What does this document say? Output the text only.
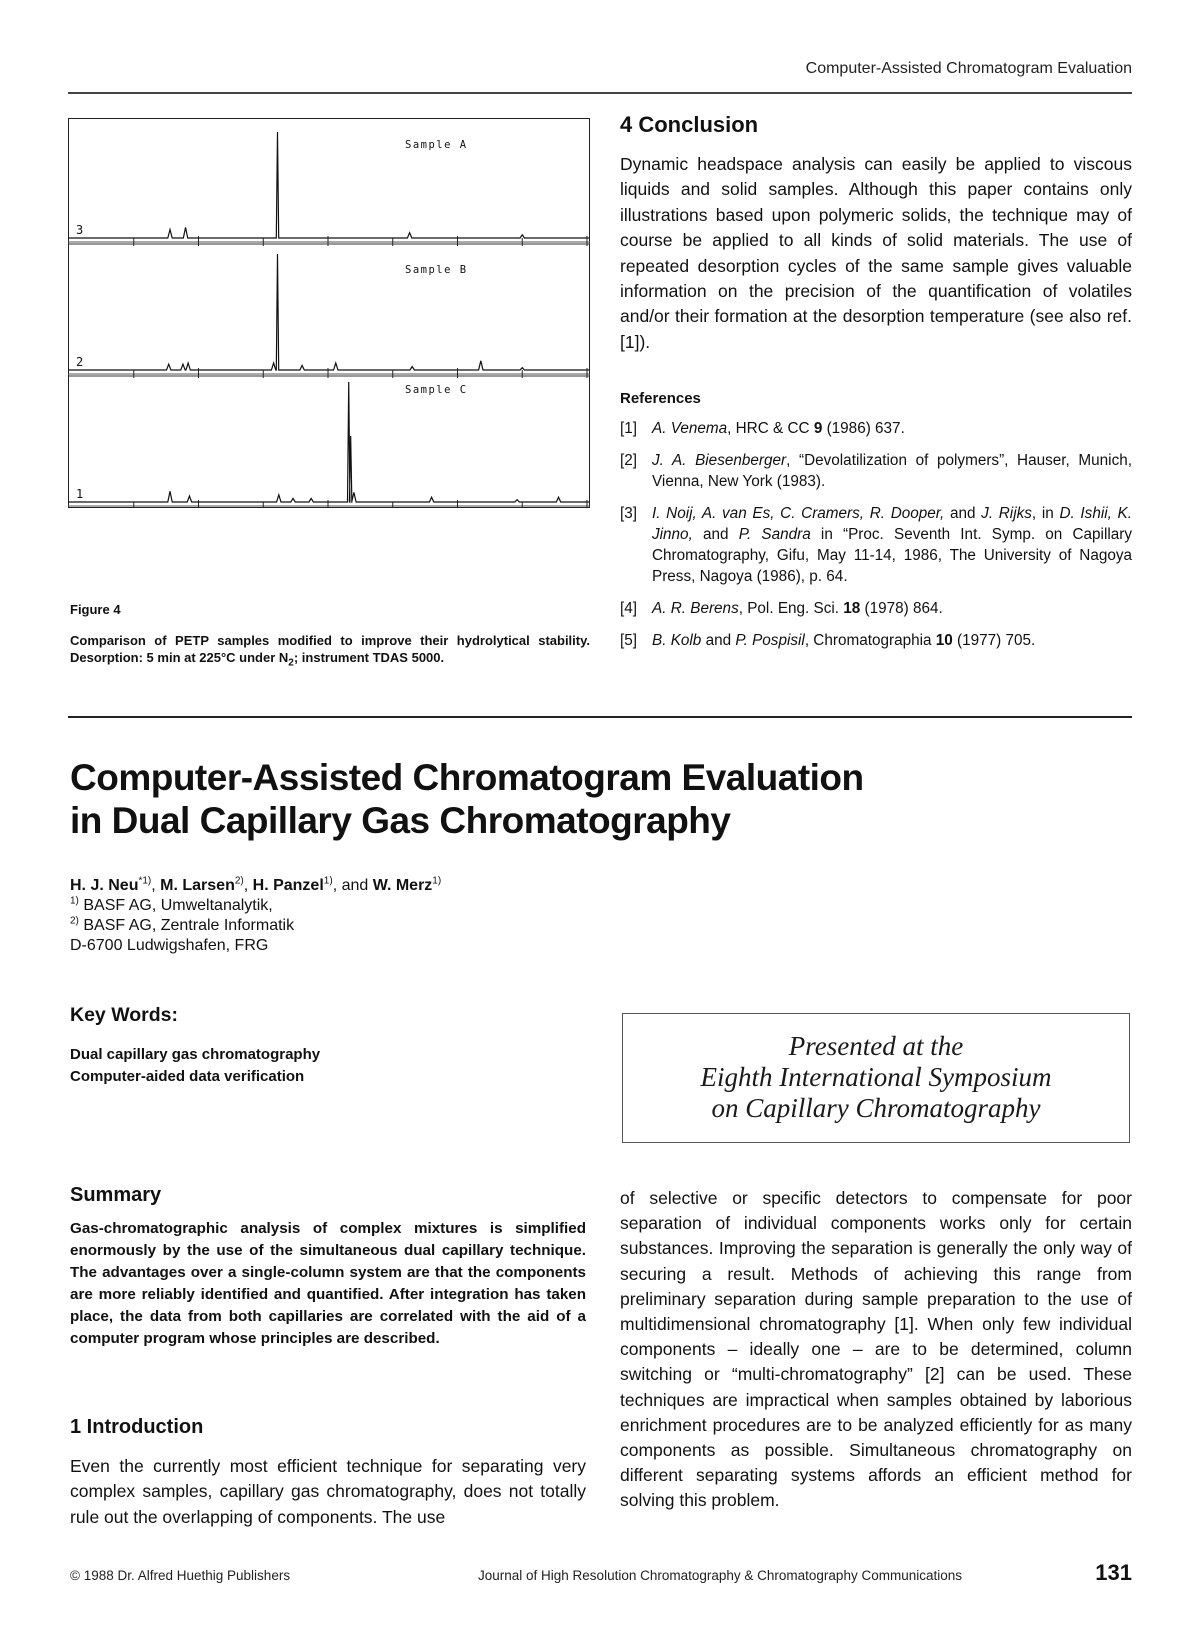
Computer-Assisted Chromatogram Evaluation
3
Sample A
2
Sample B
1
Sample C
Figure 4
Comparison of PETP samples modified to improve their hydrolytical stability. Desorption: 5 min at 225°C under $N_2$; instrument TDAS 5000.
4 Conclusion
Dynamic headspace analysis can easily be applied to viscous liquids and solid samples. Although this paper contains only illustrations based upon polymeric solids, the technique may of course be applied to all kinds of solid materials. The use of repeated desorption cycles of the same sample gives valuable information on the precision of the quantification of volatiles and/or their formation at the desorption temperature (see also ref. [1]).
References
[1] A. Venema, HRC & CC 9 (1986) 637.
[2] J. A. Biesenberger, “Devolatilization of polymers”, Hauser, Munich, Vienna, New York (1983).
[3] I. Noij, A. van Es, C. Cramers, R. Dooper, and J. Rijks, in D. Ishii, K. Jinno, and P. Sandra in “Proc. Seventh Int. Symp. on Capillary Chromatography, Gifu, May 11-14, 1986, The University of Nagoya Press, Nagoya (1986), p. 64.
[4] A. R. Berens, Pol. Eng. Sci. 18 (1978) 864.
[5] B. Kolb and P. Pospisil, Chromatographia 10 (1977) 705.
Computer-Assisted Chromatogram Evaluation
in Dual Capillary Gas Chromatography
H. J. Neu$^{*1)}$, M. Larsen$^{2)}$, H. Panzel$^{1)}$, and W. Merz$^{1)}$
$^{1)}$ BASF AG, Umweltanalytik,
$^{2)}$ BASF AG, Zentrale Informatik
D-6700 Ludwigshafen, FRG
Key Words:
Dual capillary gas chromatography
Computer-aided data verification
Presented at the
Eighth International Symposium
on Capillary Chromatography
Summary
Gas-chromatographic analysis of complex mixtures is simplified enormously by the use of the simultaneous dual capillary technique. The advantages over a single-column system are that the components are more reliably identified and quantified. After integration has taken place, the data from both capillaries are correlated with the aid of a computer program whose principles are described.
1 Introduction
Even the currently most efficient technique for separating very complex samples, capillary gas chromatography, does not totally rule out the overlapping of components. The use
of selective or specific detectors to compensate for poor separation of individual components works only for certain substances. Improving the separation is generally the only way of securing a result. Methods of achieving this range from preliminary separation during sample preparation to the use of multidimensional chromatography [1]. When only few individual components – ideally one – are to be determined, column switching or “multi-chromatography” [2] can be used. These techniques are impractical when samples obtained by laborious enrichment procedures are to be analyzed efficiently for as many components as possible. Simultaneous chromatography on different separating systems affords an efficient method for solving this problem.
© 1988 Dr. Alfred Huethig Publishers	Journal of High Resolution Chromatography & Chromatography Communications	131
